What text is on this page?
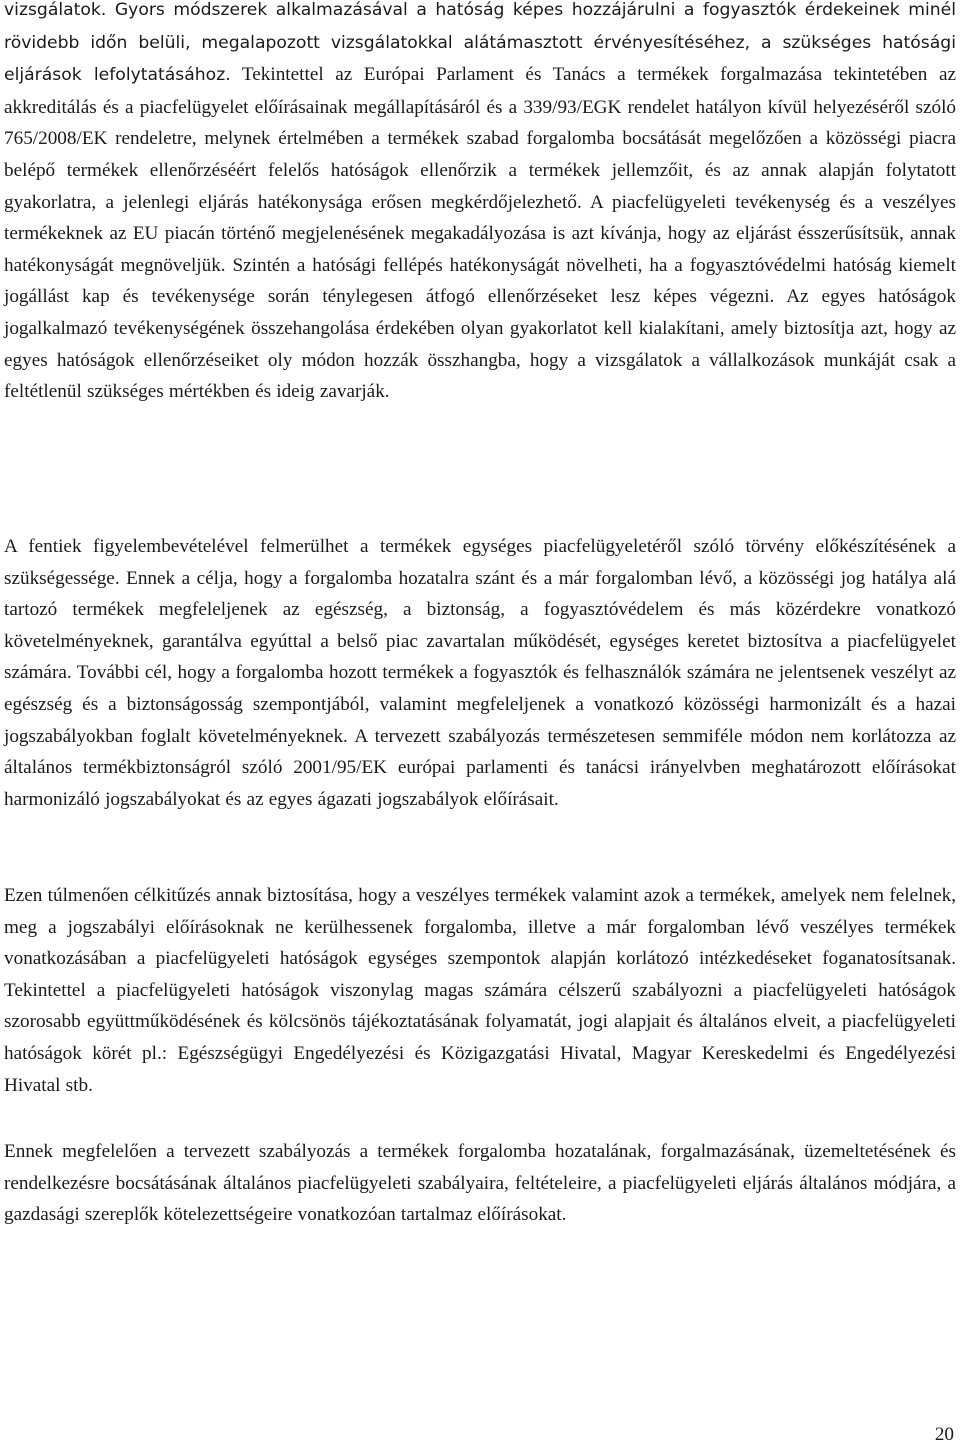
vizsgálatok. Gyors módszerek alkalmazásával a hatóság képes hozzájárulni a fogyasztók érdekeinek minél rövidebb időn belüli, megalapozott vizsgálatokkal alátámasztott érvényesítéséhez, a szükséges hatósági eljárások lefolytatásához. Tekintettel az Európai Parlament és Tanács a termékek forgalmazása tekintetében az akkreditálás és a piacfelügyelet előírásainak megállapításáról és a 339/93/EGK rendelet hatályon kívül helyezéséről szóló 765/2008/EK rendeletre, melynek értelmében a termékek szabad forgalomba bocsátását megelőzően a közösségi piacra belépő termékek ellenőrzéséért felelős hatóságok ellenőrzik a termékek jellemzőit, és az annak alapján folytatott gyakorlatra, a jelenlegi eljárás hatékonysága erősen megkérdőjelezhető. A piacfelügyeleti tevékenység és a veszélyes termékeknek az EU piacán történő megjelenésének megakadályozása is azt kívánja, hogy az eljárást ésszerűsítsük, annak hatékonyságát megnöveljük. Szintén a hatósági fellépés hatékonyságát növelheti, ha a fogyasztóvédelmi hatóság kiemelt jogállást kap és tevékenysége során ténylegesen átfogó ellenőrzéseket lesz képes végezni. Az egyes hatóságok jogalkalmazó tevékenységének összehangolása érdekében olyan gyakorlatot kell kialakítani, amely biztosítja azt, hogy az egyes hatóságok ellenőrzéseiket oly módon hozzák összhangba, hogy a vizsgálatok a vállalkozások munkáját csak a feltétlenül szükséges mértékben és ideig zavarják.

A fentiek figyelembevételével felmerülhet a termékek egységes piacfelügyeletéről szóló törvény előkészítésének a szükségessége. Ennek a célja, hogy a forgalomba hozatalra szánt és a már forgalomban lévő, a közösségi jog hatálya alá tartozó termékek megfeleljenek az egészség, a biztonság, a fogyasztóvédelem és más közérdekre vonatkozó követelményeknek, garantálva egyúttal a belső piac zavartalan működését, egységes keretet biztosítva a piacfelügyelet számára. További cél, hogy a forgalomba hozott termékek a fogyasztók és felhasználók számára ne jelentsenek veszélyt az egészség és a biztonságosság szempontjából, valamint megfeleljenek a vonatkozó közösségi harmonizált és a hazai jogszabályokban foglalt követelményeknek. A tervezett szabályozás természetesen semmiféle módon nem korlátozza az általános termékbiztonságról szóló 2001/95/EK európai parlamenti és tanácsi irányelvben meghatározott előírásokat harmonizáló jogszabályokat és az egyes ágazati jogszabályok előírásait.

Ezen túlmenően célkitűzés annak biztosítása, hogy a veszélyes termékek valamint azok a termékek, amelyek nem felelnek, meg a jogszabályi előírásoknak ne kerülhessenek forgalomba, illetve a már forgalomban lévő veszélyes termékek vonatkozásában a piacfelügyeleti hatóságok egységes szempontok alapján korlátozó intézkedéseket foganatosítsanak. Tekintettel a piacfelügyeleti hatóságok viszonylag magas számára célszerű szabályozni a piacfelügyeleti hatóságok szorosabb együttműködésének és kölcsönös tájékoztatásának folyamatát, jogi alapjait és általános elveit, a piacfelügyeleti hatóságok körét pl.: Egészségügyi Engedélyezési és Közigazgatási Hivatal, Magyar Kereskedelmi és Engedélyezési Hivatal stb.

Ennek megfelelően a tervezett szabályozás a termékek forgalomba hozatalának, forgalmazásának, üzemeltetésének és rendelkezésre bocsátásának általános piacfelügyeleti szabályaira, feltételeire, a piacfelügyeleti eljárás általános módjára, a gazdasági szereplők kötelezettségeire vonatkozóan tartalmaz előírásokat.

20
